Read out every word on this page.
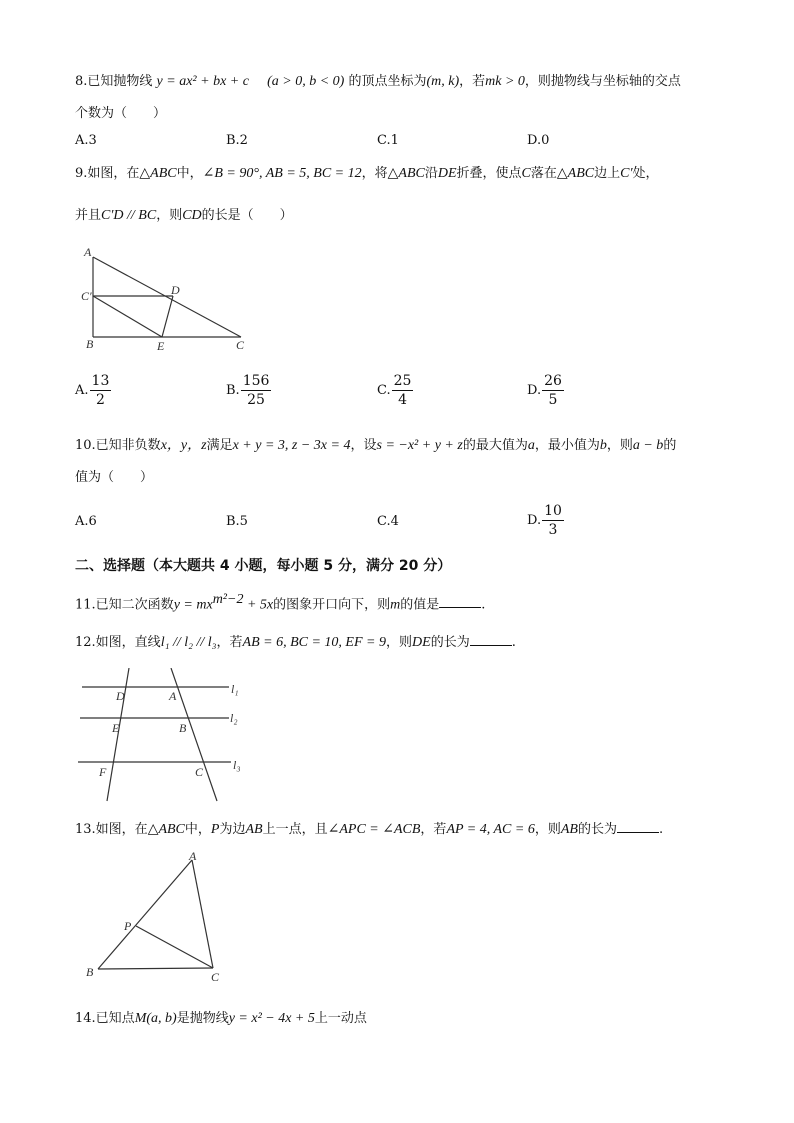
8.已知抛物线 y = ax² + bx + c (a > 0, b < 0) 的顶点坐标为(m, k)，若mk > 0，则抛物线与坐标轴的交点
个数为（　　）
A.3	B.2	C.1	D.0
9.如图，在△ABC中，∠B = 90°, AB = 5, BC = 12，将△ABC沿DE折叠，使点C落在△ABC边上C′处，
并且C′D // BC，则CD的长是（　　）
A
C′	D
B	E	C
A. $\frac{13}{2}$	B. $\frac{156}{25}$	C. $\frac{25}{4}$	D. $\frac{26}{5}$
10.已知非负数x，y，z满足x + y = 3, z − 3x = 4，设s = −x² + y + z的最大值为a，最小值为b，则a − b的
值为（　　）
A.6	B.5	C.4	D. $\frac{10}{3}$
二、选择题（本大题共 4 小题，每小题 5 分，满分 20 分）
11.已知二次函数$y = mx^{m^2-2} + 5x$的图象开口向下，则m的值是	.
12.如图，直线l₁ // l₂ // l₃，若AB = 6, BC = 10, EF = 9，则DE的长为	.
D	A	l₁
E	B
l₂
F	C l₃
13.如图，在△ABC中，P为边AB上一点，且∠APC = ∠ACB，若AP = 4, AC = 6，则AB的长为	.
A
P
B	C
14.已知点M(a, b)是抛物线y = x² − 4x + 5上一动点
